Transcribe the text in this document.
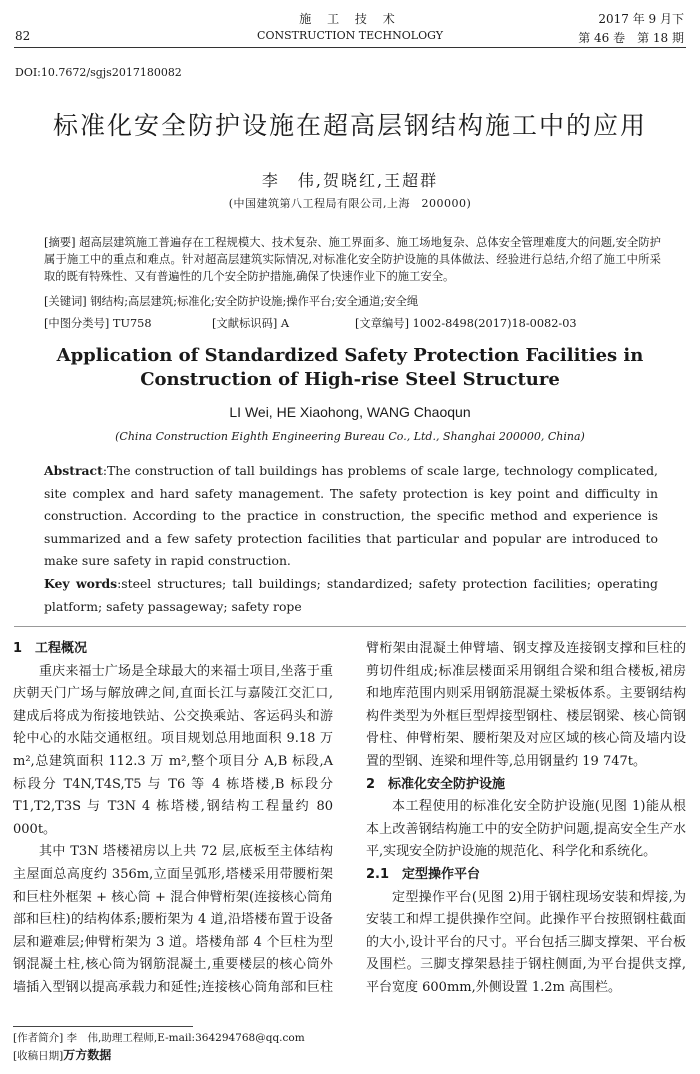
施 工 技 术
CONSTRUCTION TECHNOLOGY
82
2017 年 9 月下
第 46 卷　第 18 期
DOI:10.7672/sgjs2017180082
标准化安全防护设施在超高层钢结构施工中的应用
李　伟,贺晓红,王超群
(中国建筑第八工程局有限公司,上海　200000)
[摘要] 超高层建筑施工普遍存在工程规模大、技术复杂、施工界面多、施工场地复杂、总体安全管理难度大的问题,安全防护属于施工中的重点和难点。针对超高层建筑实际情况,对标准化安全防护设施的具体做法、经验进行总结,介绍了施工中所采取的既有特殊性、又有普遍性的几个安全防护措施,确保了快速作业下的施工安全。
[关键词] 钢结构;高层建筑;标准化;安全防护设施;操作平台;安全通道;安全绳
[中图分类号] TU758	[文献标识码] A	[文章编号] 1002-8498(2017)18-0082-03
Application of Standardized Safety Protection Facilities in Construction of High-rise Steel Structure
LI Wei, HE Xiaohong, WANG Chaoqun
(China Construction Eighth Engineering Bureau Co., Ltd., Shanghai 200000, China)
Abstract:The construction of tall buildings has problems of scale large, technology complicated, site complex and hard safety management. The safety protection is key point and difficulty in construction. According to the practice in construction, the specific method and experience is summarized and a few safety protection facilities that particular and popular are introduced to make sure safety in rapid construction.
Key words:steel structures; tall buildings; standardized; safety protection facilities; operating platform; safety passageway; safety rope
1　工程概况

重庆来福士广场是全球最大的来福士项目,坐落于重庆朝天门广场与解放碑之间,直面长江与嘉陵江交汇口,建成后将成为衔接地铁站、公交换乘站、客运码头和游轮中心的水陆交通枢纽。项目规划总用地面积 9.18 万 m²,总建筑面积 112.3 万 m²,整个项目分 A,B 标段,A 标段分 T4N,T4S,T5 与 T6 等 4 栋塔楼,B 标段分 T1,T2,T3S 与 T3N 4 栋塔楼,钢结构工程量约 80 000t。

其中 T3N 塔楼裙房以上共 72 层,底板至主体结构主屋面总高度约 356m,立面呈弧形,塔楼采用带腰桁架和巨柱外框架 + 核心筒 + 混合伸臂桁架(连接核心筒角部和巨柱)的结构体系;腰桁架为 4 道,沿塔楼布置于设备层和避难层;伸臂桁架为 3 道。塔楼角部 4 个巨柱为型钢混凝土柱,核心筒为钢筋混凝土,重要楼层的核心筒外墙插入型钢以提高承载力和延性;连接核心筒角部和巨柱

臂桁架由混凝土伸臂墙、钢支撑及连接钢支撑和巨柱的剪切件组成;标准层楼面采用钢组合梁和组合楼板,裙房和地库范围内则采用钢筋混凝土梁板体系。主要钢结构构件类型为外框巨型焊接型钢柱、楼层钢梁、核心筒钢骨柱、伸臂桁架、腰桁架及对应区域的核心筒及墙内设置的型钢、连梁和埋件等,总用钢量约 19 747t。

2　标准化安全防护设施

本工程使用的标准化安全防护设施(见图 1)能从根本上改善钢结构施工中的安全防护问题,提高安全生产水平,实现安全防护设施的规范化、科学化和系统化。

2.1　定型操作平台

定型操作平台(见图 2)用于钢柱现场安装和焊接,为安装工和焊工提供操作空间。此操作平台按照钢柱截面的大小,设计平台的尺寸。平台包括三脚支撑架、平台板及围栏。三脚支撑架悬挂于钢柱侧面,为平台提供支撑,平台宽度 600mm,外侧设置 1.2m 高围栏。

[作者简介] 李　伟,助理工程师,E-mail:364294768@qq.com
[收稿日期]万方数据
